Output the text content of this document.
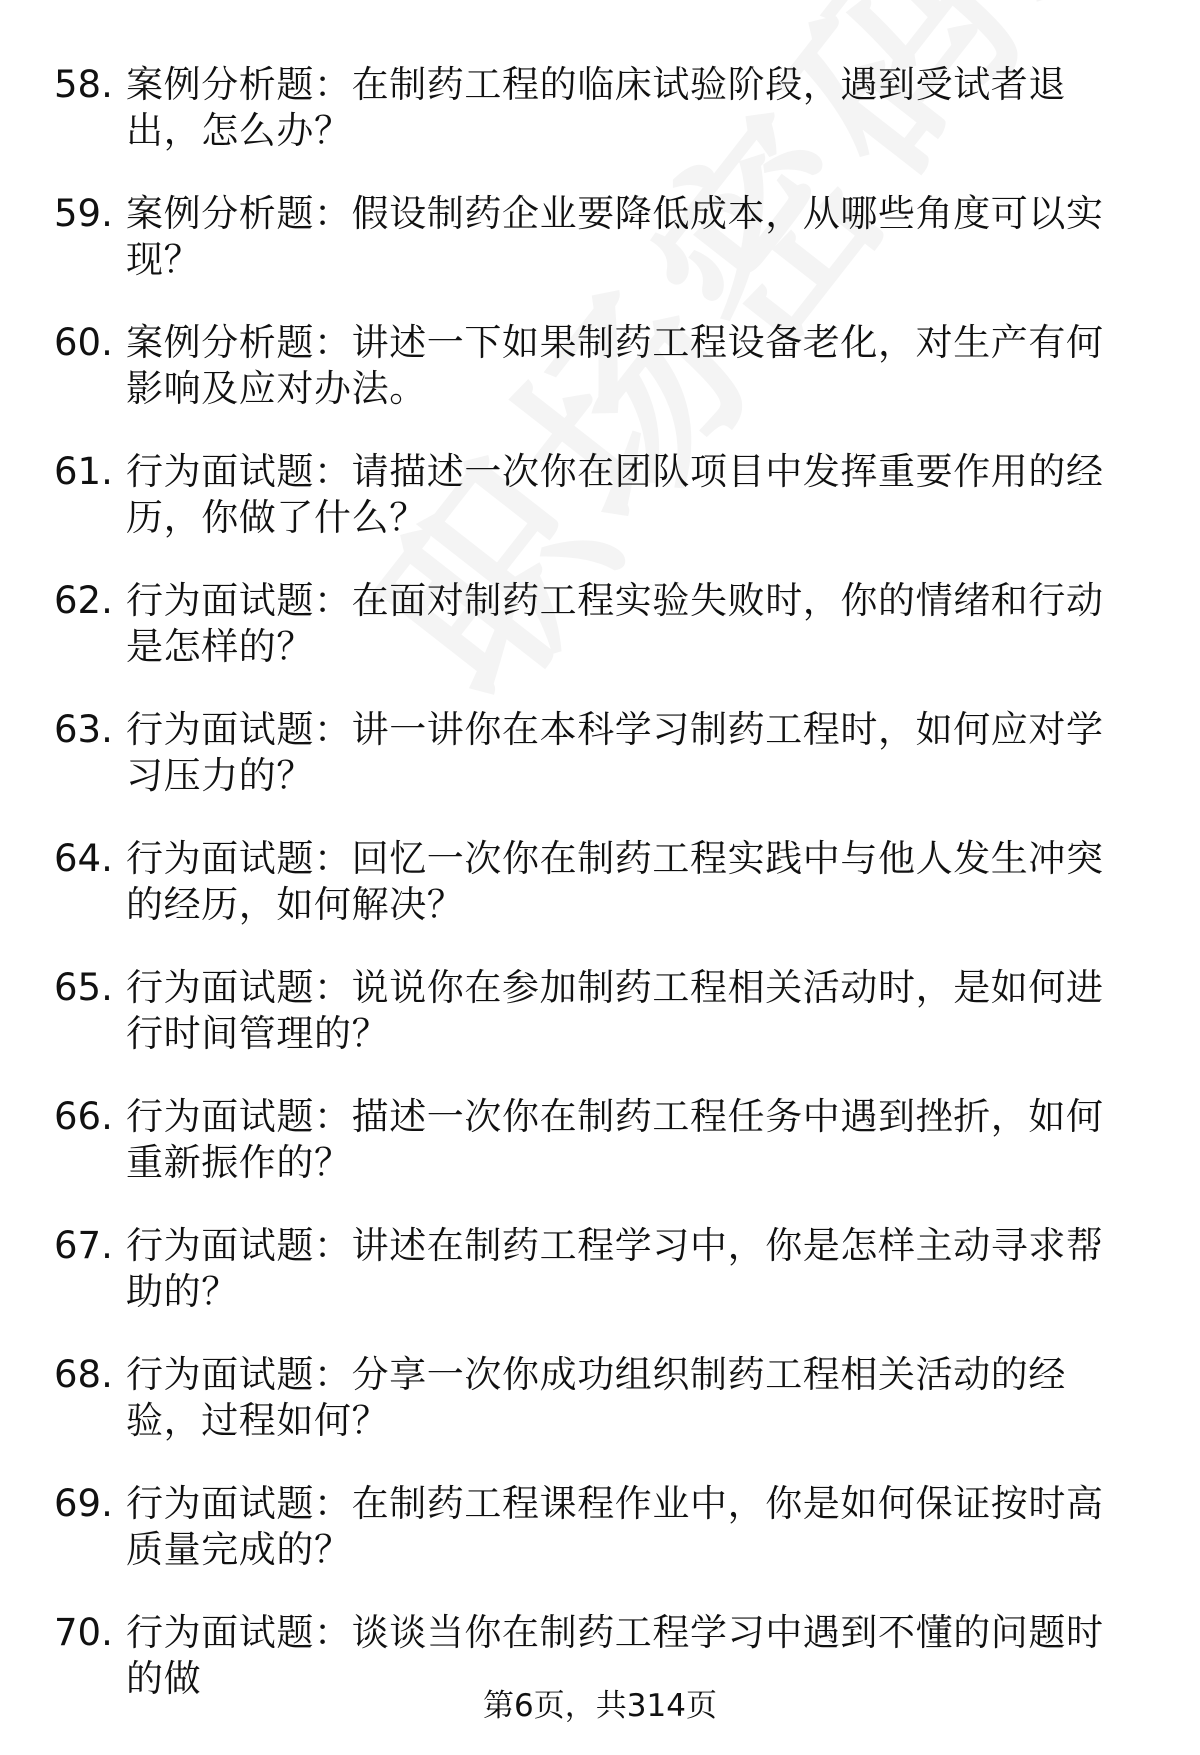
58. 案例分析题：在制药工程的临床试验阶段，遇到受试者退出，怎么办？
59. 案例分析题：假设制药企业要降低成本，从哪些角度可以实现？
60. 案例分析题：讲述一下如果制药工程设备老化，对生产有何影响及应对办法。
61. 行为面试题：请描述一次你在团队项目中发挥重要作用的经历，你做了什么？
62. 行为面试题：在面对制药工程实验失败时，你的情绪和行动是怎样的？
63. 行为面试题：讲一讲你在本科学习制药工程时，如何应对学习压力的？
64. 行为面试题：回忆一次你在制药工程实践中与他人发生冲突的经历，如何解决？
65. 行为面试题：说说你在参加制药工程相关活动时，是如何进行时间管理的？
66. 行为面试题：描述一次你在制药工程任务中遇到挫折，如何重新振作的？
67. 行为面试题：讲述在制药工程学习中，你是怎样主动寻求帮助的？
68. 行为面试题：分享一次你成功组织制药工程相关活动的经验，过程如何？
69. 行为面试题：在制药工程课程作业中，你是如何保证按时高质量完成的？
70. 行为面试题：谈谈当你在制药工程学习中遇到不懂的问题时的做
第6页，共314页
